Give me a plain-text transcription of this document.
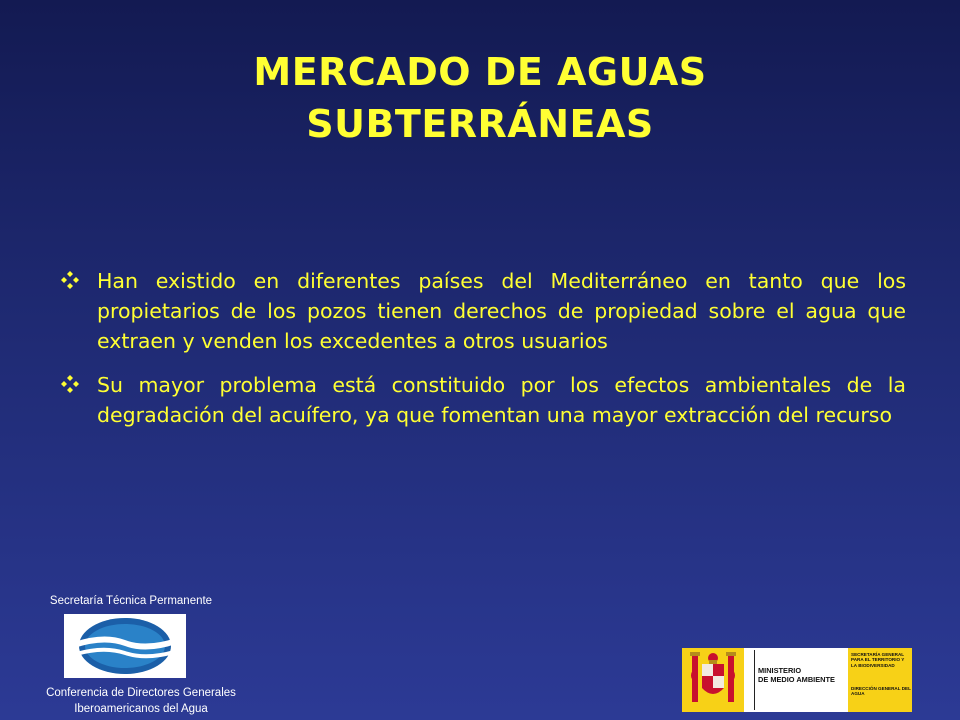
MERCADO DE AGUAS
SUBTERRÁNEAS
Han existido en diferentes países del Mediterráneo en tanto que los propietarios de los pozos tienen derechos de propiedad sobre el agua que extraen y venden los excedentes a otros usuarios
Su mayor problema está constituido por los efectos ambientales de la degradación del acuífero, ya que fomentan una mayor extracción del recurso
Secretaría Técnica Permanente
Conferencia de Directores Generales
Iberoamericanos del Agua
MINISTERIO
DE MEDIO AMBIENTE
SECRETARÍA GENERAL PARA EL TERRITORIO Y LA BIODIVERSIDAD
DIRECCIÓN GENERAL DEL AGUA
